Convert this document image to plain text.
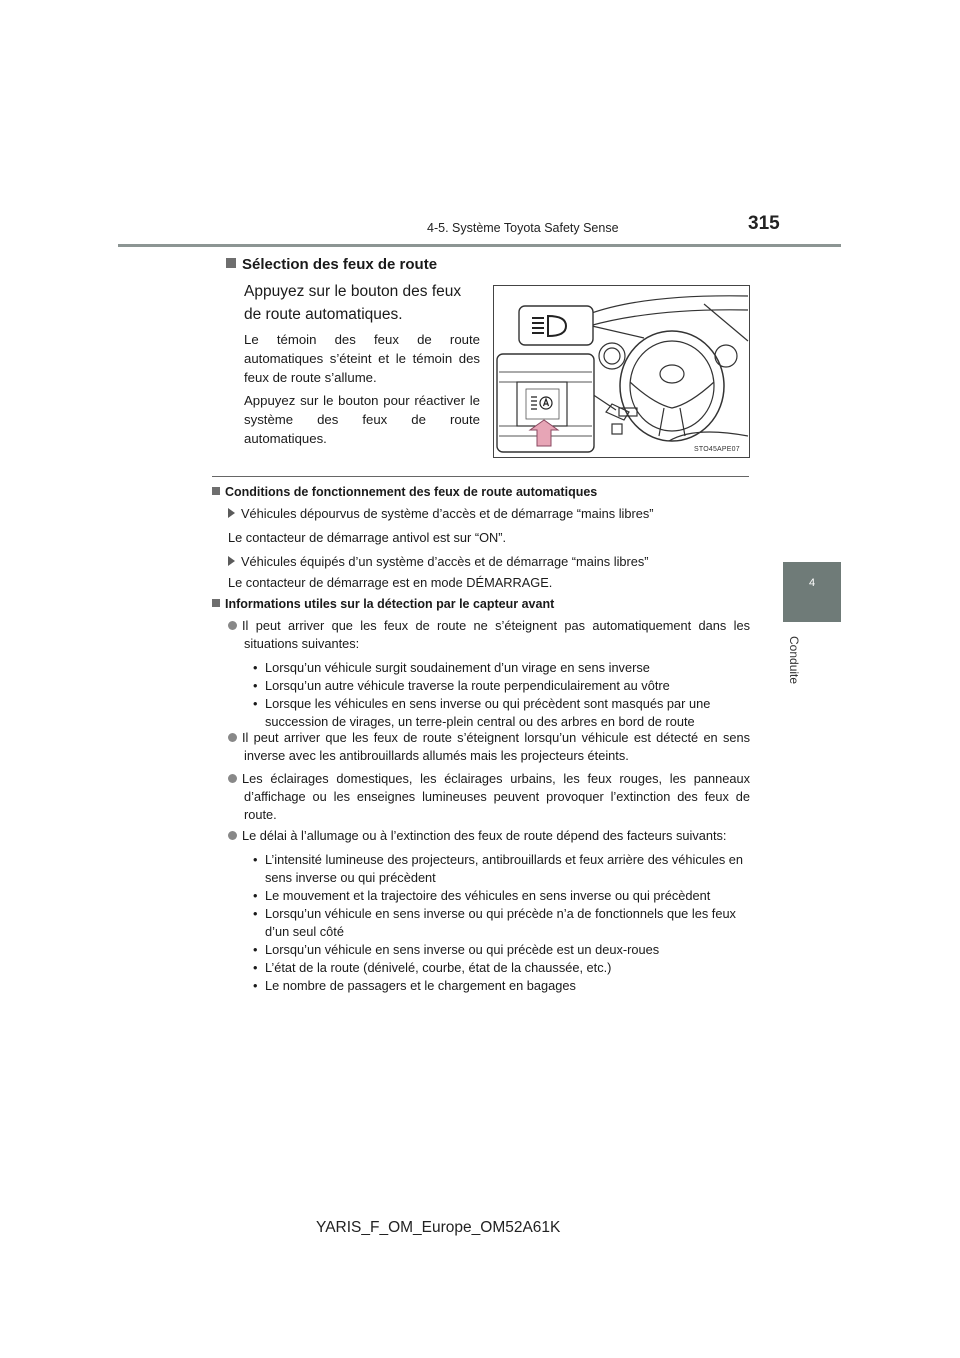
4-5. Système Toyota Safety Sense	315
4
Conduite
Sélection des feux de route
Appuyez sur le bouton des feux de route automatiques.
Le témoin des feux de route automatiques s’éteint et le témoin des feux de route s’allume.
Appuyez sur le bouton pour réactiver le système des feux de route automatiques.
STO45APE07
Conditions de fonctionnement des feux de route automatiques
Véhicules dépourvus de système d’accès et de démarrage “mains libres”
Le contacteur de démarrage antivol est sur “ON”.
Véhicules équipés d’un système d’accès et de démarrage “mains libres”
Le contacteur de démarrage est en mode DÉMARRAGE.
Informations utiles sur la détection par le capteur avant
Il peut arriver que les feux de route ne s’éteignent pas automatiquement dans les situations suivantes:
• Lorsqu’un véhicule surgit soudainement d’un virage en sens inverse
• Lorsqu’un autre véhicule traverse la route perpendiculairement au vôtre
• Lorsque les véhicules en sens inverse ou qui précèdent sont masqués par une succession de virages, un terre-plein central ou des arbres en bord de route
Il peut arriver que les feux de route s’éteignent lorsqu’un véhicule est détecté en sens inverse avec les antibrouillards allumés mais les projecteurs éteints.
Les éclairages domestiques, les éclairages urbains, les feux rouges, les panneaux d’affichage ou les enseignes lumineuses peuvent provoquer l’extinction des feux de route.
Le délai à l’allumage ou à l’extinction des feux de route dépend des facteurs suivants:
• L’intensité lumineuse des projecteurs, antibrouillards et feux arrière des véhicules en sens inverse ou qui précèdent
• Le mouvement et la trajectoire des véhicules en sens inverse ou qui précèdent
• Lorsqu’un véhicule en sens inverse ou qui précède n’a de fonctionnels que les feux d’un seul côté
• Lorsqu’un véhicule en sens inverse ou qui précède est un deux-roues
• L’état de la route (dénivelé, courbe, état de la chaussée, etc.)
• Le nombre de passagers et le chargement en bagages
YARIS_F_OM_Europe_OM52A61K
